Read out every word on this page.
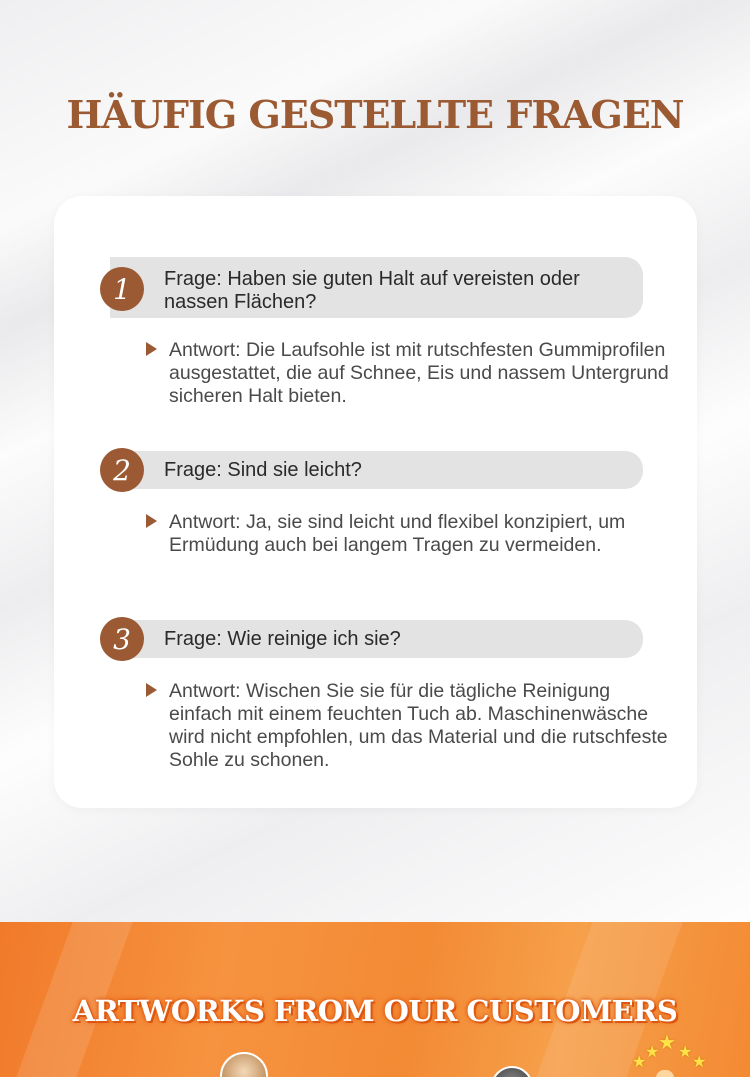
HÄUFIG GESTELLTE FRAGEN
1	Frage: Haben sie guten Halt auf vereisten oder nassen Flächen?
Antwort: Die Laufsohle ist mit rutschfesten Gummiprofilen ausgestattet, die auf Schnee, Eis und nassem Untergrund sicheren Halt bieten.
2	Frage: Sind sie leicht?
Antwort: Ja, sie sind leicht und flexibel konzipiert, um Ermüdung auch bei langem Tragen zu vermeiden.
3	Frage: Wie reinige ich sie?
Antwort: Wischen Sie sie für die tägliche Reinigung einfach mit einem feuchten Tuch ab. Maschinenwäsche wird nicht empfohlen, um das Material und die rutschfeste Sohle zu schonen.
ARTWORKS FROM OUR CUSTOMERS
★
★
★ ★
★
